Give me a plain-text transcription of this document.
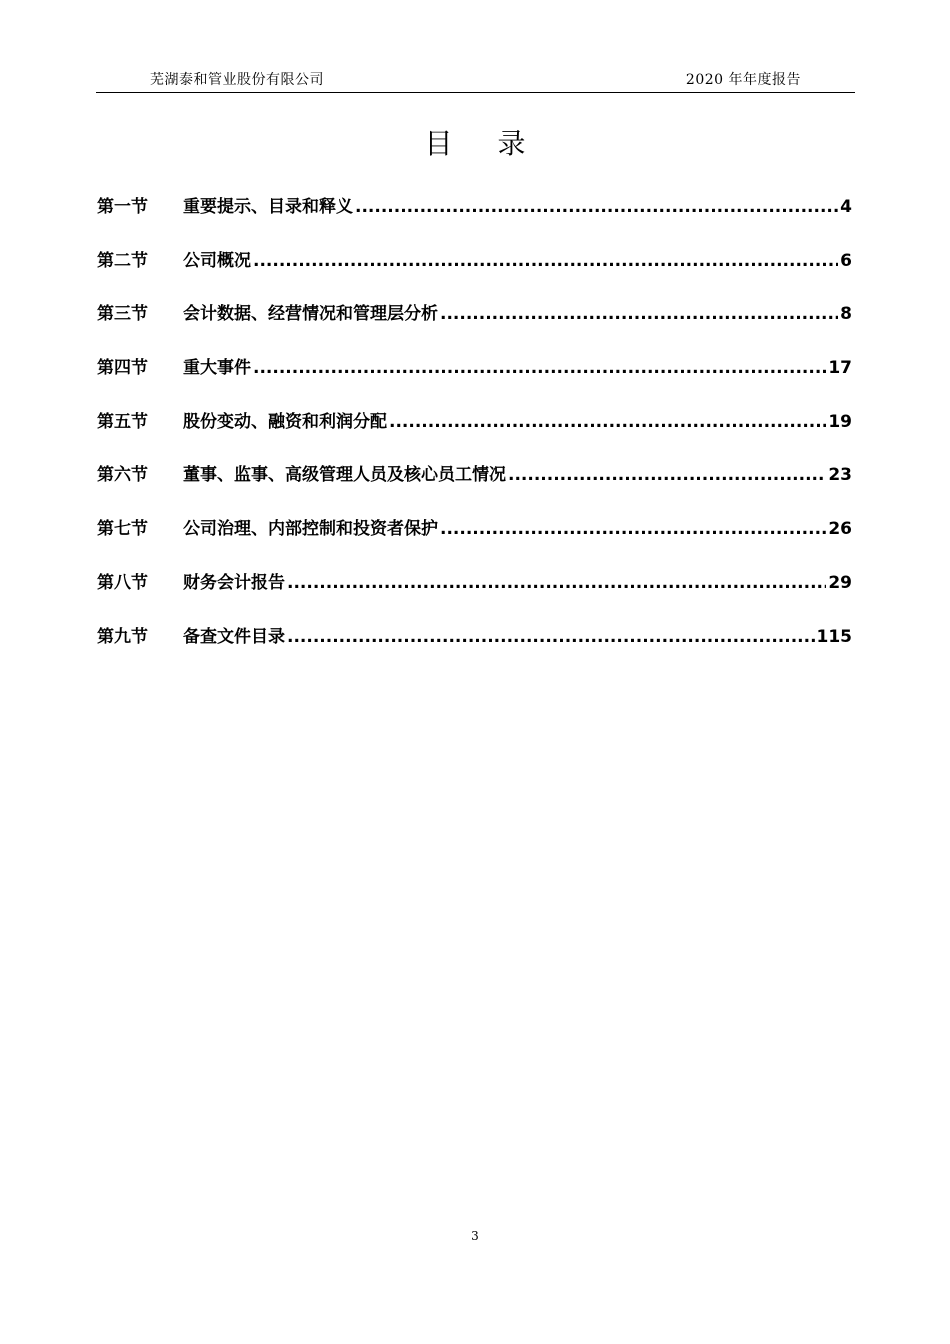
芜湖泰和管业股份有限公司	2020 年年度报告
目 录
第一节	重要提示、目录和释义 .....	4
第二节	公司概况 .....	6
第三节	会计数据、经营情况和管理层分析 .....	8
第四节	重大事件 .....	17
第五节	股份变动、融资和利润分配 .....	19
第六节	董事、监事、高级管理人员及核心员工情况 .....	23
第七节	公司治理、内部控制和投资者保护 .....	26
第八节	财务会计报告 .....	29
第九节	备查文件目录 .....	115
3
